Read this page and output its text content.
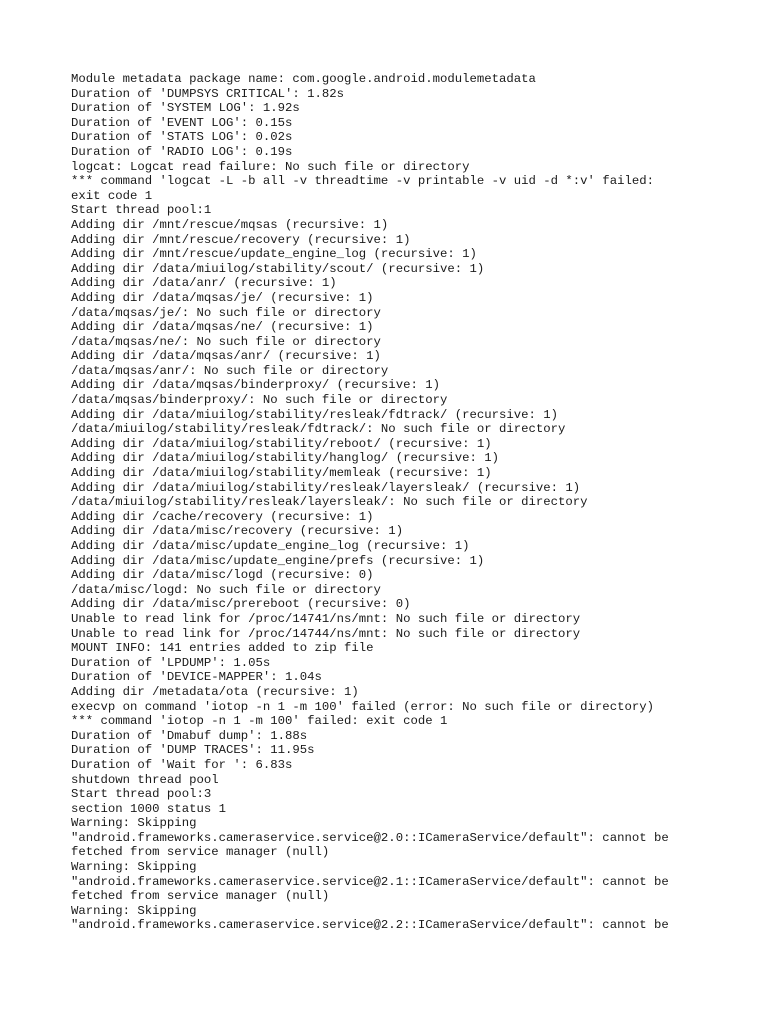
Module metadata package name: com.google.android.modulemetadata
Duration of 'DUMPSYS CRITICAL': 1.82s
Duration of 'SYSTEM LOG': 1.92s
Duration of 'EVENT LOG': 0.15s
Duration of 'STATS LOG': 0.02s
Duration of 'RADIO LOG': 0.19s
logcat: Logcat read failure: No such file or directory
*** command 'logcat -L -b all -v threadtime -v printable -v uid -d *:v' failed:
exit code 1
Start thread pool:1
Adding dir /mnt/rescue/mqsas (recursive: 1)
Adding dir /mnt/rescue/recovery (recursive: 1)
Adding dir /mnt/rescue/update_engine_log (recursive: 1)
Adding dir /data/miuilog/stability/scout/ (recursive: 1)
Adding dir /data/anr/ (recursive: 1)
Adding dir /data/mqsas/je/ (recursive: 1)
/data/mqsas/je/: No such file or directory
Adding dir /data/mqsas/ne/ (recursive: 1)
/data/mqsas/ne/: No such file or directory
Adding dir /data/mqsas/anr/ (recursive: 1)
/data/mqsas/anr/: No such file or directory
Adding dir /data/mqsas/binderproxy/ (recursive: 1)
/data/mqsas/binderproxy/: No such file or directory
Adding dir /data/miuilog/stability/resleak/fdtrack/ (recursive: 1)
/data/miuilog/stability/resleak/fdtrack/: No such file or directory
Adding dir /data/miuilog/stability/reboot/ (recursive: 1)
Adding dir /data/miuilog/stability/hanglog/ (recursive: 1)
Adding dir /data/miuilog/stability/memleak (recursive: 1)
Adding dir /data/miuilog/stability/resleak/layersleak/ (recursive: 1)
/data/miuilog/stability/resleak/layersleak/: No such file or directory
Adding dir /cache/recovery (recursive: 1)
Adding dir /data/misc/recovery (recursive: 1)
Adding dir /data/misc/update_engine_log (recursive: 1)
Adding dir /data/misc/update_engine/prefs (recursive: 1)
Adding dir /data/misc/logd (recursive: 0)
/data/misc/logd: No such file or directory
Adding dir /data/misc/prereboot (recursive: 0)
Unable to read link for /proc/14741/ns/mnt: No such file or directory
Unable to read link for /proc/14744/ns/mnt: No such file or directory
MOUNT INFO: 141 entries added to zip file
Duration of 'LPDUMP': 1.05s
Duration of 'DEVICE-MAPPER': 1.04s
Adding dir /metadata/ota (recursive: 1)
execvp on command 'iotop -n 1 -m 100' failed (error: No such file or directory)
*** command 'iotop -n 1 -m 100' failed: exit code 1
Duration of 'Dmabuf dump': 1.88s
Duration of 'DUMP TRACES': 11.95s
Duration of 'Wait for ': 6.83s
shutdown thread pool
Start thread pool:3
section 1000 status 1
Warning: Skipping
"android.frameworks.cameraservice.service@2.0::ICameraService/default": cannot be
fetched from service manager (null)
Warning: Skipping
"android.frameworks.cameraservice.service@2.1::ICameraService/default": cannot be
fetched from service manager (null)
Warning: Skipping
"android.frameworks.cameraservice.service@2.2::ICameraService/default": cannot be
